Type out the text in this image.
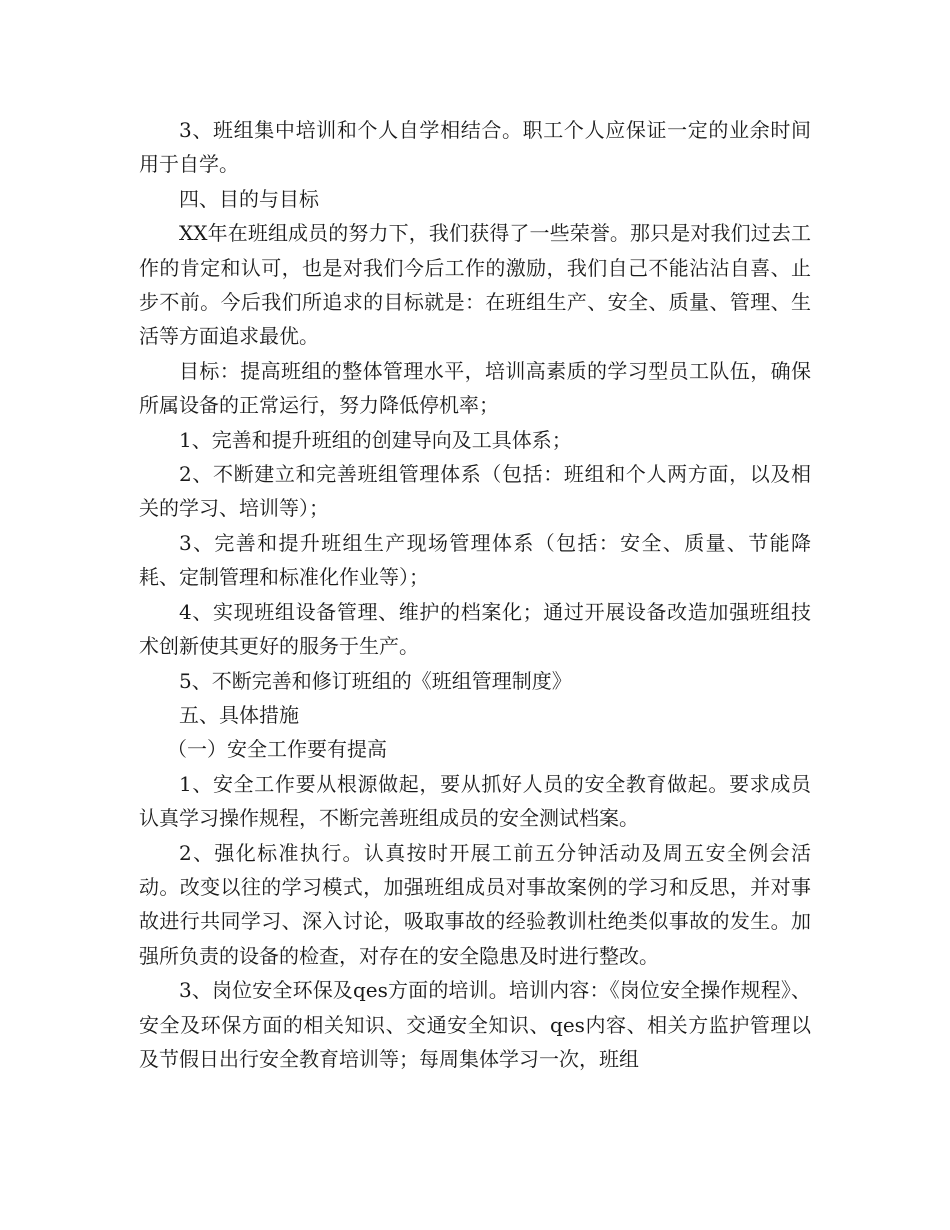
3、班组集中培训和个人自学相结合。职工个人应保证一定的业余时间用于自学。

四、目的与目标

XX年在班组成员的努力下，我们获得了一些荣誉。那只是对我们过去工作的肯定和认可，也是对我们今后工作的激励，我们自己不能沾沾自喜、止步不前。今后我们所追求的目标就是：在班组生产、安全、质量、管理、生活等方面追求最优。

目标：提高班组的整体管理水平，培训高素质的学习型员工队伍，确保所属设备的正常运行，努力降低停机率；

1、完善和提升班组的创建导向及工具体系；

2、不断建立和完善班组管理体系（包括：班组和个人两方面，以及相关的学习、培训等）；

3、完善和提升班组生产现场管理体系（包括：安全、质量、节能降耗、定制管理和标准化作业等）；

4、实现班组设备管理、维护的档案化；通过开展设备改造加强班组技术创新使其更好的服务于生产。

5、不断完善和修订班组的《班组管理制度》

五、具体措施

（一）安全工作要有提高

1、安全工作要从根源做起，要从抓好人员的安全教育做起。要求成员认真学习操作规程，不断完善班组成员的安全测试档案。

2、强化标准执行。认真按时开展工前五分钟活动及周五安全例会活动。改变以往的学习模式，加强班组成员对事故案例的学习和反思，并对事故进行共同学习、深入讨论，吸取事故的经验教训杜绝类似事故的发生。加强所负责的设备的检查，对存在的安全隐患及时进行整改。

3、岗位安全环保及qes方面的培训。培训内容：《岗位安全操作规程》、安全及环保方面的相关知识、交通安全知识、qes内容、相关方监护管理以及节假日出行安全教育培训等；每周集体学习一次，班组
